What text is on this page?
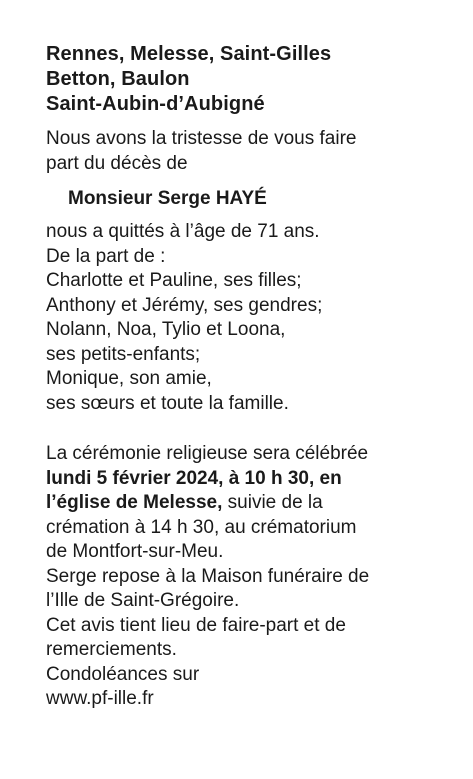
Rennes, Melesse, Saint-Gilles
Betton, Baulon
Saint-Aubin-d’Aubigné
Nous avons la tristesse de vous faire
part du décès de
Monsieur Serge HAYÉ
nous a quittés à l’âge de 71 ans.
De la part de :
Charlotte et Pauline, ses filles;
Anthony et Jérémy, ses gendres;
Nolann, Noa, Tylio et Loona,
ses petits-enfants;
Monique, son amie,
ses sœurs et toute la famille.
La cérémonie religieuse sera célébrée
lundi 5 février 2024, à 10 h 30, en
l’église de Melesse, suivie de la
crémation à 14 h 30, au crématorium
de Montfort-sur-Meu.
Serge repose à la Maison funéraire de
l’Ille de Saint-Grégoire.
Cet avis tient lieu de faire-part et de
remerciements.
Condoléances sur
www.pf-ille.fr
